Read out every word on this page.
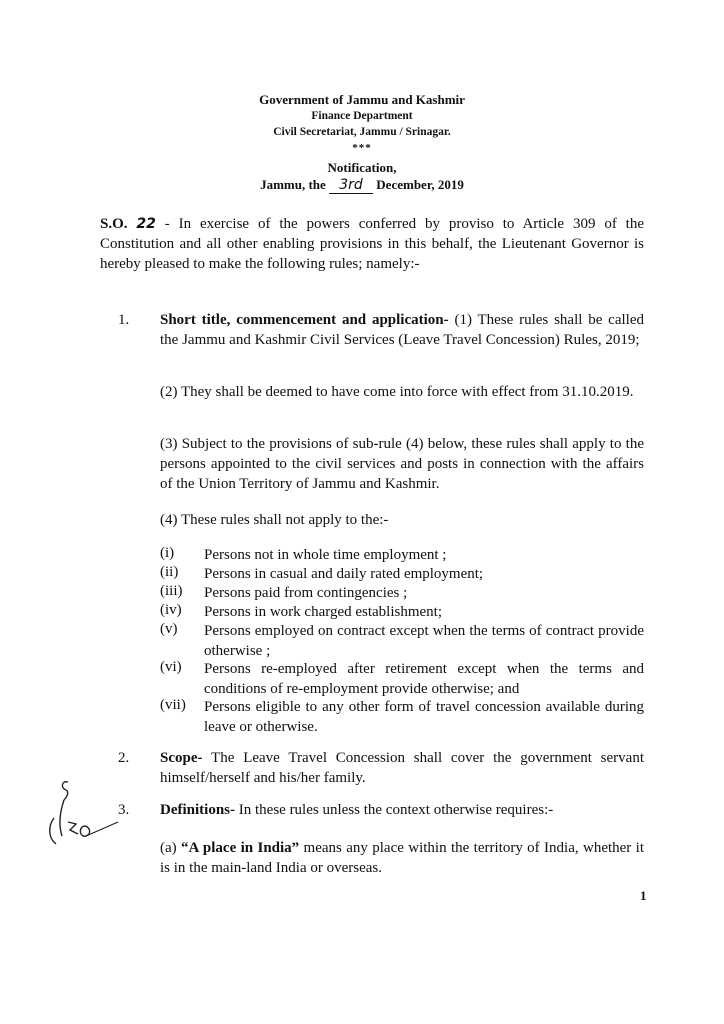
Government of Jammu and Kashmir
Finance Department
Civil Secretariat, Jammu / Srinagar.
***
Notification,
Jammu, the 3rd December, 2019
S.O. 22 - In exercise of the powers conferred by proviso to Article 309 of the Constitution and all other enabling provisions in this behalf, the Lieutenant Governor is hereby pleased to make the following rules; namely:-
1. Short title, commencement and application- (1) These rules shall be called the Jammu and Kashmir Civil Services (Leave Travel Concession) Rules, 2019;
(2) They shall be deemed to have come into force with effect from 31.10.2019.
(3) Subject to the provisions of sub-rule (4) below, these rules shall apply to the persons appointed to the civil services and posts in connection with the affairs of the Union Territory of Jammu and Kashmir.
(4) These rules shall not apply to the:-
(i) Persons not in whole time employment ;
(ii) Persons in casual and daily rated employment;
(iii) Persons paid from contingencies ;
(iv) Persons in work charged establishment;
(v) Persons employed on contract except when the terms of contract provide otherwise ;
(vi) Persons re-employed after retirement except when the terms and conditions of re-employment provide otherwise; and
(vii) Persons eligible to any other form of travel concession available during leave or otherwise.
2. Scope- The Leave Travel Concession shall cover the government servant himself/herself and his/her family.
3. Definitions- In these rules unless the context otherwise requires:-
(a) “A place in India” means any place within the territory of India, whether it is in the main-land India or overseas.
1
